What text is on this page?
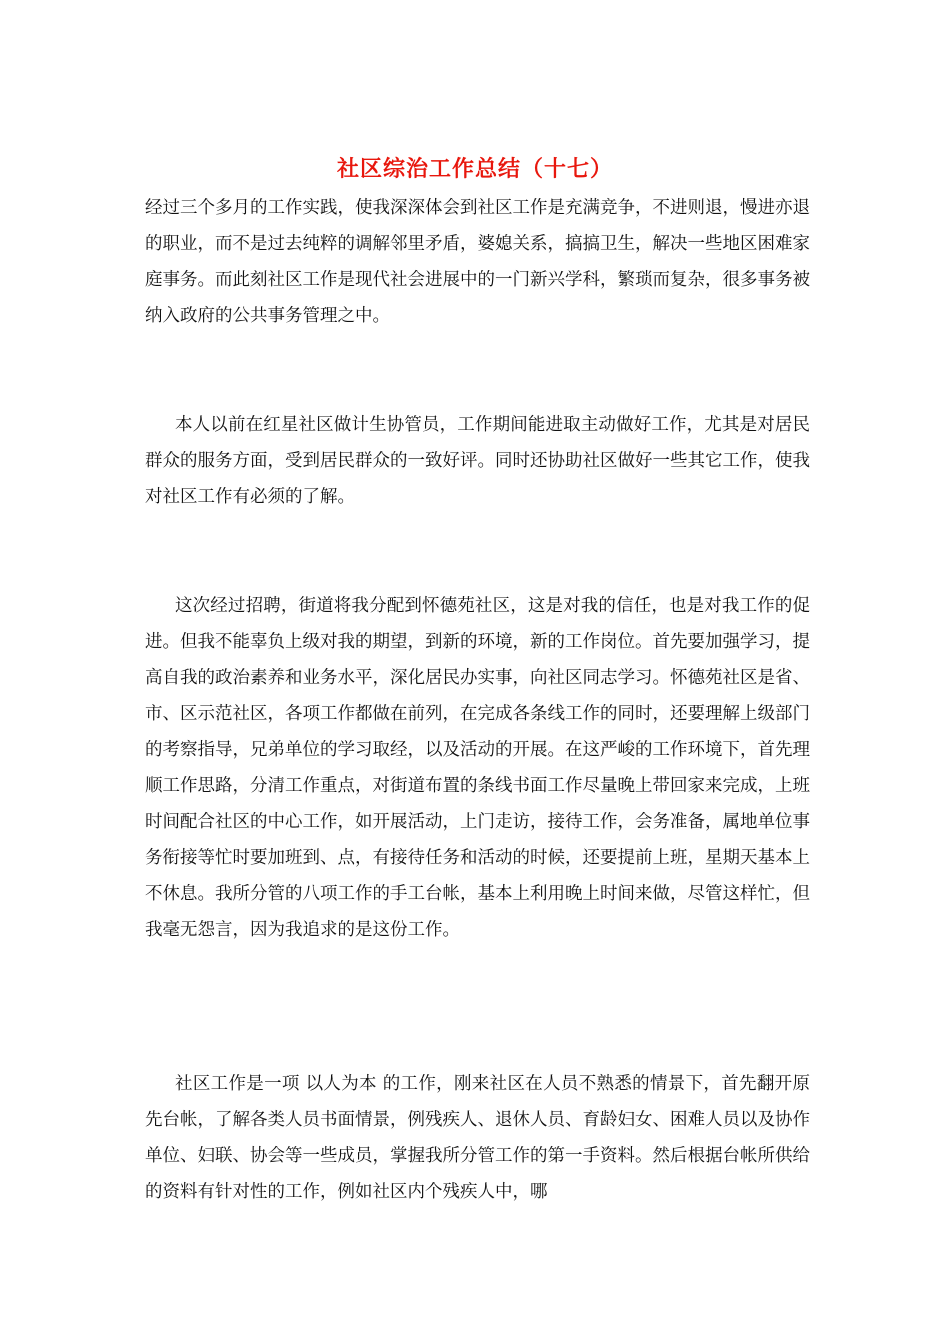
社区综治工作总结（十七）

经过三个多月的工作实践，使我深深体会到社区工作是充满竞争，不进则退，慢进亦退的职业，而不是过去纯粹的调解邻里矛盾，婆媳关系，搞搞卫生，解决一些地区困难家庭事务。而此刻社区工作是现代社会进展中的一门新兴学科，繁琐而复杂，很多事务被纳入政府的公共事务管理之中。

本人以前在红星社区做计生协管员，工作期间能进取主动做好工作，尤其是对居民群众的服务方面，受到居民群众的一致好评。同时还协助社区做好一些其它工作，使我对社区工作有必须的了解。

这次经过招聘，街道将我分配到怀德苑社区，这是对我的信任，也是对我工作的促进。但我不能辜负上级对我的期望，到新的环境，新的工作岗位。首先要加强学习，提高自我的政治素养和业务水平，深化居民办实事，向社区同志学习。怀德苑社区是省、市、区示范社区，各项工作都做在前列，在完成各条线工作的同时，还要理解上级部门的考察指导，兄弟单位的学习取经，以及活动的开展。在这严峻的工作环境下，首先理顺工作思路，分清工作重点，对街道布置的条线书面工作尽量晚上带回家来完成，上班时间配合社区的中心工作，如开展活动，上门走访，接待工作，会务准备，属地单位事务衔接等忙时要加班到、点，有接待任务和活动的时候，还要提前上班，星期天基本上不休息。我所分管的八项工作的手工台帐，基本上利用晚上时间来做，尽管这样忙，但我毫无怨言，因为我追求的是这份工作。

社区工作是一项 以人为本 的工作，刚来社区在人员不熟悉的情景下，首先翻开原先台帐，了解各类人员书面情景，例残疾人、退休人员、育龄妇女、困难人员以及协作单位、妇联、协会等一些成员，掌握我所分管工作的第一手资料。然后根据台帐所供给的资料有针对性的工作，例如社区内个残疾人中，哪
